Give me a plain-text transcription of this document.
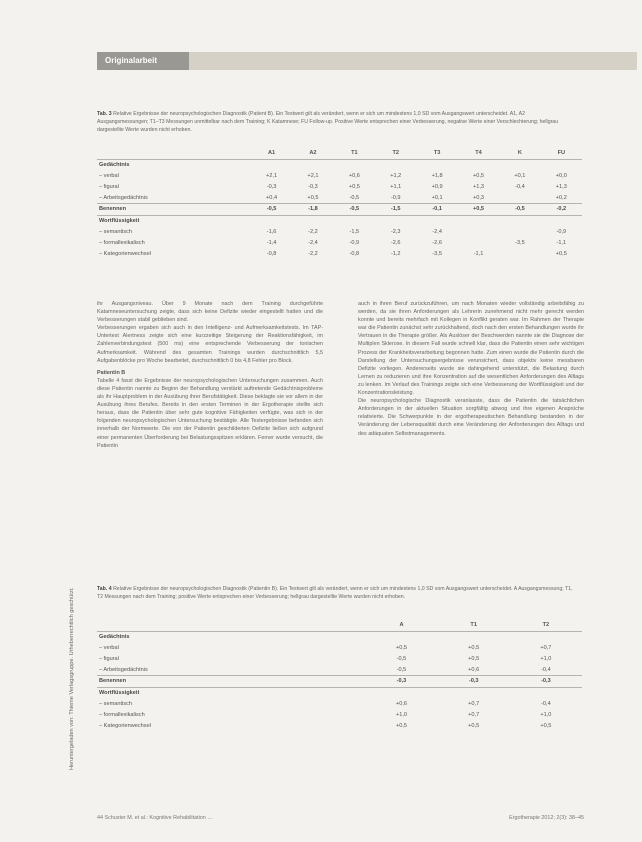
Originalarbeit
Heruntergeladen von: Thieme Verlagsgruppe. Urheberrechtlich geschützt.
Tab. 3 Relative Ergebnisse der neuropsychologischen Diagnostik (Patient B). Ein Testwert gilt als verändert, wenn er sich um mindestens 1,0 SD vom Ausgangswert unterscheidet. A1, A2 Ausgangsmessungen; T1–T3 Messungen unmittelbar nach dem Training; K Katamnese; FU Follow-up. Positive Werte entsprechen einer Verbesserung, negative Werte einer Verschlechterung; hellgrau dargestellte Werte wurden nicht erhoben.
	A1	A2	T1	T2	T3	T4	K	FU
Gedächtnis								
– verbal	+2,1	+2,1	+0,6	+1,2	+1,8	+0,5	+0,1	+0,0
– figural	-0,3	-0,3	+0,5	+1,1	+0,9	+1,3	-0,4	+1,3
– Arbeitsgedächtnis	+0,4	+0,5	-0,5	-0,9	+0,1	+0,3		+0,2
Benennen	-0,5	-1,8	-0,5	-1,5	-0,1	+0,5	-0,5	-0,2
Wortflüssigkeit								
– semantisch	-1,6	-2,2	-1,5	-2,3	-2,4			-0,9
– formallexikalisch	-1,4	-2,4	-0,9	-2,6	-2,6		-3,5	-1,1
– Kategorienwechsel	-0,8	-2,2	-0,8	-1,2	-3,5	-1,1		+0,5

ihr Ausgangsniveau. Über 9 Monate nach dem Training durchgeführte Katamneseuntersuchung zeigte, dass sich keine Defizite wieder eingestellt hatten und die Verbesserungen stabil geblieben sind.

Verbesserungen ergaben sich auch in den Intelligenz- und Aufmerksamkeitstests. Im TAP-Untertest Alertness zeigte sich eine kurzzeitige Steigerung der Reaktionsfähigkeit, im Zahlenverbindungstest (500 ms) eine entsprechende Verbesserung der tonischen Aufmerksamkeit. Während des gesamten Trainings wurden durchschnittlich 5,5 Aufgabenblöcke pro Woche bearbeitet, durchschnittlich 0 bis 4,8 Fehler pro Block.

Patientin B

Tabelle 4 fasst die Ergebnisse der neuropsychologischen Untersuchungen zusammen. Auch diese Patientin nannte zu Beginn der Behandlung verstärkt auftretende Gedächtnisprobleme als ihr Hauptproblem in der Ausübung ihrer Berufstätigkeit. Diese beklagte sie vor allem in der Ausübung ihres Berufes. Bereits in den ersten Terminen in der Ergotherapie stellte sich heraus, dass die Patientin über sehr gute kognitive Fähigkeiten verfügte, was sich in der folgenden neuropsychologischen Untersuchung bestätigte. Alle Testergebnisse befanden sich innerhalb der Normwerte. Die von der Patientin geschilderten Defizite ließen sich aufgrund einer permanenten Überforderung bei Belastungsspitzen erklären. Ferner wurde versucht, die Patientin

auch in ihren Beruf zurückzuführen, um nach Monaten wieder vollständig arbeitsfähig zu werden, da sie ihren Anforderungen als Lehrerin zunehmend nicht mehr gerecht werden konnte und bereits mehrfach mit Kollegen in Konflikt geraten war. Im Rahmen der Therapie war die Patientin zunächst sehr zurückhaltend, doch nach den ersten Behandlungen wurde ihr Vertrauen in die Therapie größer. Als Auslöser der Beschwerden nannte sie die Diagnose der Multiplen Sklerose. In diesem Fall wurde schnell klar, dass die Patientin einen sehr wichtigen Prozess der Krankheitsverarbeitung begonnen hatte. Zum einen wurde die Patientin durch die Darstellung der Untersuchungsergebnisse verunsichert, dass objektiv keine messbaren Defizite vorliegen. Andererseits wurde sie dahingehend unterstützt, die Belastung durch Lernen zu reduzieren und ihre Konzentration auf die wesentlichen Anforderungen des Alltags zu lenken. Im Verlauf des Trainings zeigte sich eine Verbesserung der Wortflüssigkeit und der Konzentrationsleistung.

Die neuropsychologische Diagnostik veranlasste, dass die Patientin die tatsächlichen Anforderungen in der aktuellen Situation sorgfältig abwog und ihre eigenen Ansprüche relativierte. Die Schwerpunkte in der ergotherapeutischen Behandlung bestanden in der Veränderung der Lebensqualität durch eine Veränderung der Anforderungen des Alltags und des adäquaten Selbstmanagements.

Tab. 4 Relative Ergebnisse der neuropsychologischen Diagnostik (Patientin B). Ein Testwert gilt als verändert, wenn er sich um mindestens 1,0 SD vom Ausgangswert unterscheidet. A Ausgangsmessung; T1, T2 Messungen nach dem Training; positive Werte entsprechen einer Verbesserung; hellgrau dargestellte Werte wurden nicht erhoben.
	A	T1	T2
Gedächtnis			
– verbal	+0,5	+0,5	+0,7
– figural	-0,5	+0,5	+1,0
– Arbeitsgedächtnis	-0,5	+0,6	-0,4
Benennen	-0,3	-0,3	-0,3
Wortflüssigkeit			
– semantisch	+0,6	+0,7	-0,4
– formallexikalisch	+1,0	+0,7	+1,0
– Kategorienwechsel	+0,5	+0,5	+0,5
44 Schuster M. et al.: Kognitive Rehabilitation …	Ergotherapie 2012; 2(3): 38–45
